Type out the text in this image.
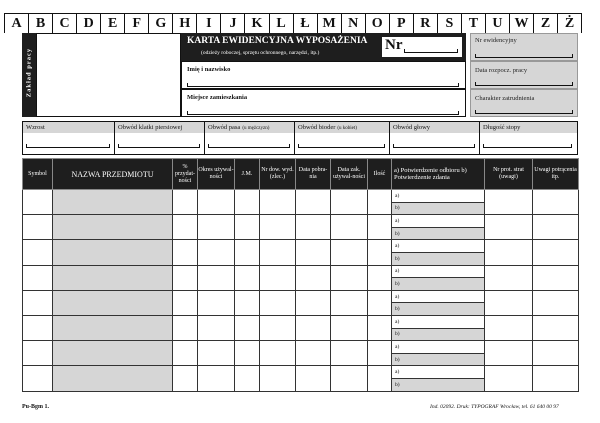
A	B	C D	E	F	G H	I	J	K L	Ł M N O	P	R	S	T	U W Z	Ż
Zakład pracy
KARTA EWIDENCYJNA WYPOSAŻENIA
(odzieży roboczej, sprzętu ochronnego, narzędzi, itp.)	Nr
Imię i nazwisko
Miejsce zamieszkania
Nr ewidencyjny
Data rozpocz. pracy
Charakter zatrudnienia
Wzrost	Obwód klatki piersiowej	Obwód pasa (u mężczyzn)	Obwód bioder (u kobiet)	Obwód głowy	Długość stopy
Symbol	NAZWA PRZEDMIOTU	% przydat-ności	Okres używal-ności	J.M.	Nr dow. wyd. (zlec.)	Data pobra-nia	Data zak. używal-ności	Ilość	a) Potwierdzenie odbioru b) Potwierdzenie zdania	Nr prot. strat (uwagi)	Uwagi potrącenia itp.
									a)		
									b)		
									a)		
									b)		
									a)		
									b)		
									a)		
									b)		
									a)		
									b)		
									a)		
									b)		
									a)		
									b)		
									a)		
									b)		
Pu-Bgm 1.	Ind. 02092. Druk: TYPOGRAF Wrocław, tel. 61 640 00 97
